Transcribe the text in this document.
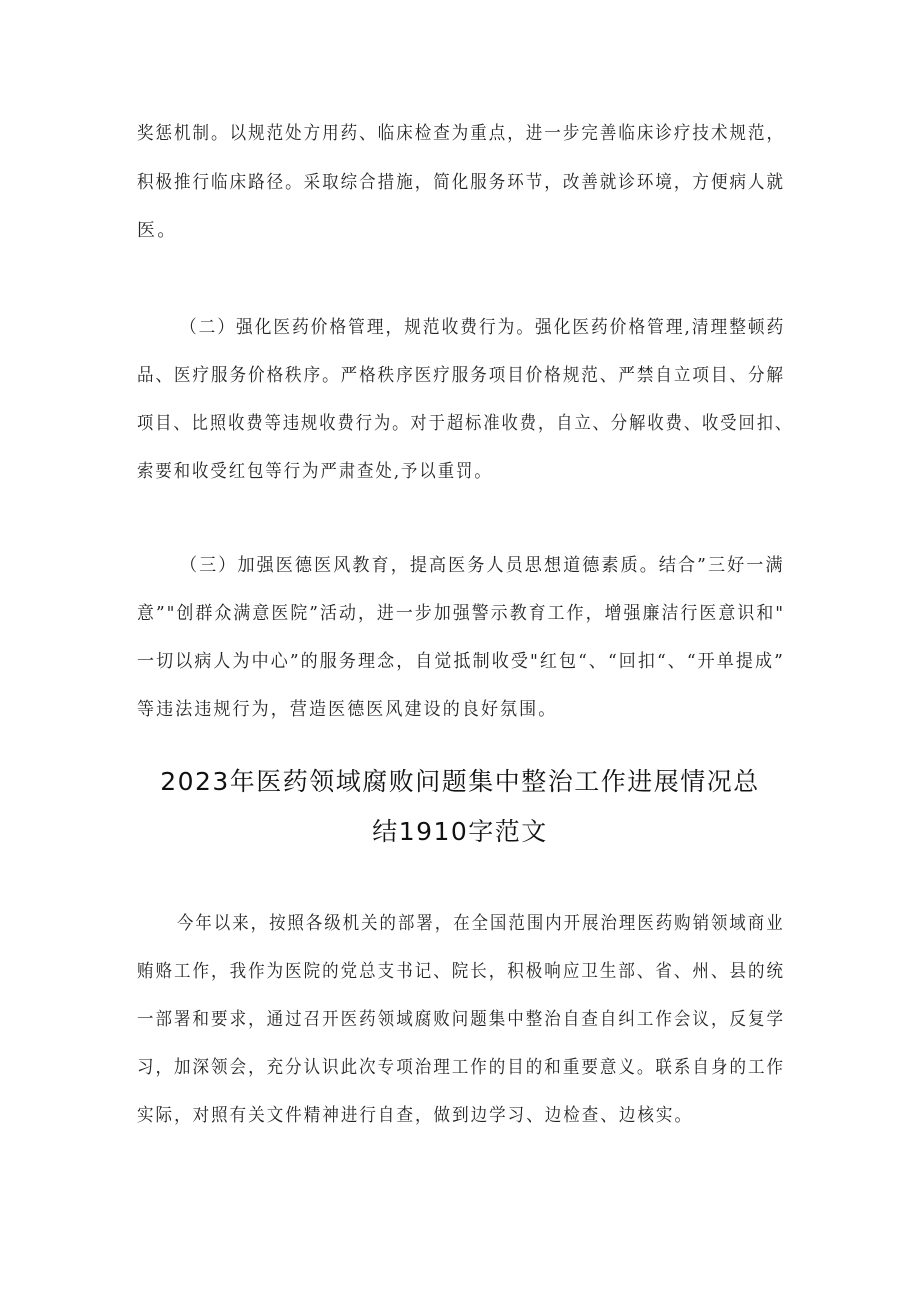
奖惩机制。以规范处方用药、临床检查为重点，进一步完善临床诊疗技术规范，
积极推行临床路径。采取综合措施，简化服务环节，改善就诊环境，方便病人就
医。
（二）强化医药价格管理，规范收费行为。强化医药价格管理,清理整顿药
品、医疗服务价格秩序。严格秩序医疗服务项目价格规范、严禁自立项目、分解
项目、比照收费等违规收费行为。对于超标准收费，自立、分解收费、收受回扣、
索要和收受红包等行为严肃查处,予以重罚。
（三）加强医德医风教育，提高医务人员思想道德素质。结合”三好一满
意”"创群众满意医院”活动，进一步加强警示教育工作，增强廉洁行医意识和"
一切以病人为中心”的服务理念，自觉抵制收受"红包“、“回扣“、“开单提成”
等违法违规行为，营造医德医风建设的良好氛围。
2023年医药领域腐败问题集中整治工作进展情况总
结1910字范文
今年以来，按照各级机关的部署，在全国范围内开展治理医药购销领域商业
贿赂工作，我作为医院的党总支书记、院长，积极响应卫生部、省、州、县的统
一部署和要求，通过召开医药领域腐败问题集中整治自查自纠工作会议，反复学
习，加深领会，充分认识此次专项治理工作的目的和重要意义。联系自身的工作
实际，对照有关文件精神进行自查，做到边学习、边检查、边核实。
